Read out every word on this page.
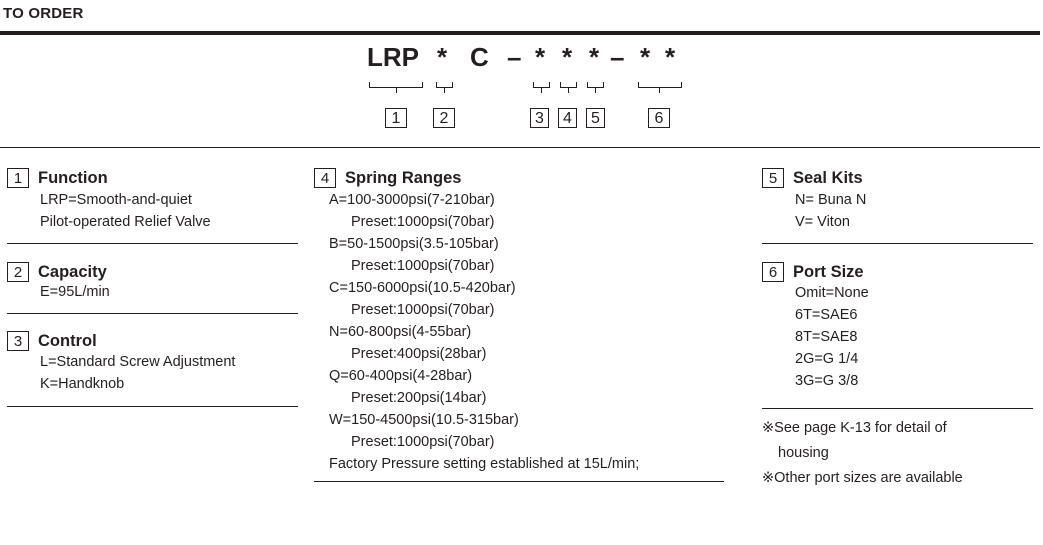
TO ORDER
LRP * C – * * * – * *
1	2	3	4	5	6
1 Function
LRP=Smooth-and-quiet
Pilot-operated Relief Valve
2 Capacity
E=95L/min
3 Control
L=Standard Screw Adjustment
K=Handknob
4 Spring Ranges
A=100-3000psi(7-210bar)
Preset:1000psi(70bar)
B=50-1500psi(3.5-105bar)
Preset:1000psi(70bar)
C=150-6000psi(10.5-420bar)
Preset:1000psi(70bar)
N=60-800psi(4-55bar)
Preset:400psi(28bar)
Q=60-400psi(4-28bar)
Preset:200psi(14bar)
W=150-4500psi(10.5-315bar)
Preset:1000psi(70bar)
Factory Pressure setting established at 15L/min;
5 Seal Kits
N= Buna N
V= Viton
6 Port Size
Omit=None
6T=SAE6
8T=SAE8
2G=G 1/4
3G=G 3/8
※See page K-13 for detail of
housing
※Other port sizes are available
